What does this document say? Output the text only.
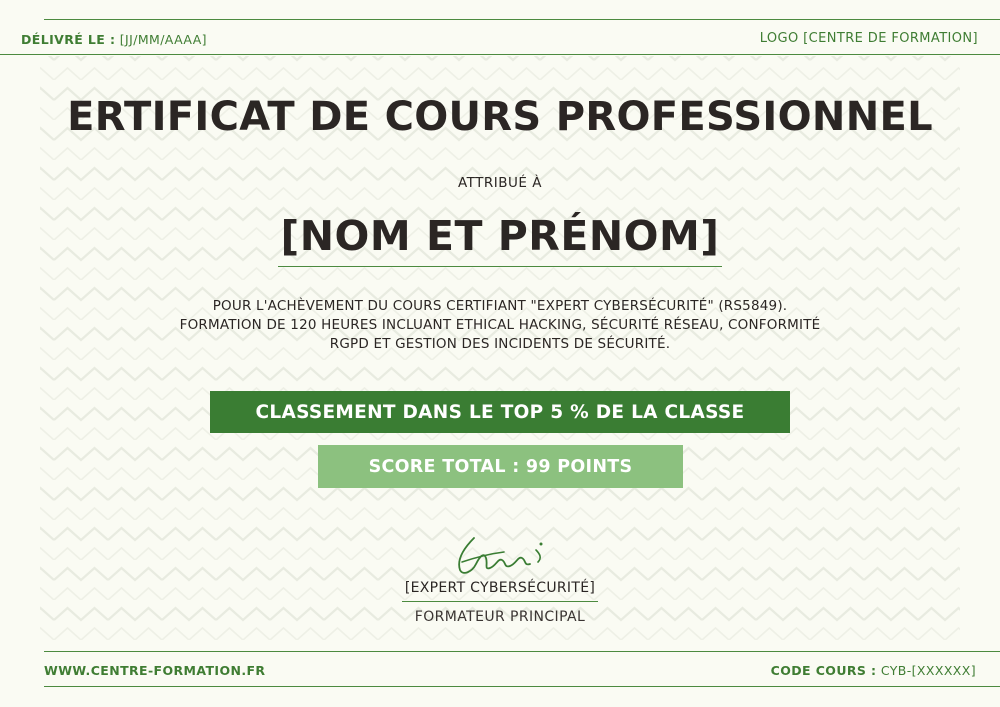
DÉLIVRÉ LE : [JJ/MM/AAAA]	LOGO [CENTRE DE FORMATION]
ERTIFICAT DE COURS PROFESSIONNEL
ATTRIBUÉ À
[NOM ET PRÉNOM]
POUR L'ACHÈVEMENT DU COURS CERTIFIANT "EXPERT CYBERSÉCURITÉ" (RS5849).
FORMATION DE 120 HEURES INCLUANT ETHICAL HACKING, SÉCURITÉ RÉSEAU, CONFORMITÉ
RGPD ET GESTION DES INCIDENTS DE SÉCURITÉ.
CLASSEMENT DANS LE TOP 5 % DE LA CLASSE
SCORE TOTAL : 99 POINTS
[EXPERT CYBERSÉCURITÉ]
FORMATEUR PRINCIPAL
WWW.CENTRE-FORMATION.FR	CODE COURS : CYB-[XXXXXX]
